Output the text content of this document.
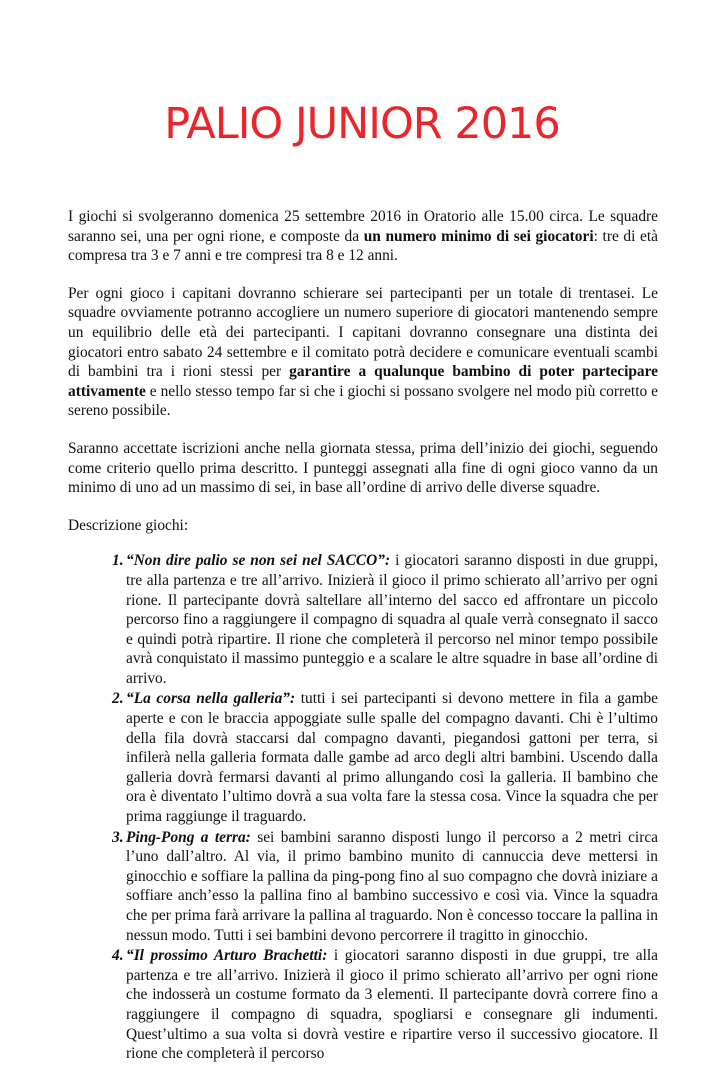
PALIO JUNIOR 2016

I giochi si svolgeranno domenica 25 settembre 2016 in Oratorio alle 15.00 circa. Le squadre saranno sei, una per ogni rione, e composte da un numero minimo di sei giocatori: tre di età compresa tra 3 e 7 anni e tre compresi tra 8 e 12 anni.

Per ogni gioco i capitani dovranno schierare sei partecipanti per un totale di trentasei. Le squadre ovviamente potranno accogliere un numero superiore di giocatori mantenendo sempre un equilibrio delle età dei partecipanti. I capitani dovranno consegnare una distinta dei giocatori entro sabato 24 settembre e il comitato potrà decidere e comunicare eventuali scambi di bambini tra i rioni stessi per garantire a qualunque bambino di poter partecipare attivamente e nello stesso tempo far si che i giochi si possano svolgere nel modo più corretto e sereno possibile.

Saranno accettate iscrizioni anche nella giornata stessa, prima dell’inizio dei giochi, seguendo come criterio quello prima descritto. I punteggi assegnati alla fine di ogni gioco vanno da un minimo di uno ad un massimo di sei, in base all’ordine di arrivo delle diverse squadre.

Descrizione giochi:

1. “Non dire palio se non sei nel SACCO”: i giocatori saranno disposti in due gruppi, tre alla partenza e tre all’arrivo. Inizierà il gioco il primo schierato all’arrivo per ogni rione. Il partecipante dovrà saltellare all’interno del sacco ed affrontare un piccolo percorso fino a raggiungere il compagno di squadra al quale verrà consegnato il sacco e quindi potrà ripartire. Il rione che completerà il percorso nel minor tempo possibile avrà conquistato il massimo punteggio e a scalare le altre squadre in base all’ordine di arrivo.
2. “La corsa nella galleria”: tutti i sei partecipanti si devono mettere in fila a gambe aperte e con le braccia appoggiate sulle spalle del compagno davanti. Chi è l’ultimo della fila dovrà staccarsi dal compagno davanti, piegandosi gattoni per terra, si infilerà nella galleria formata dalle gambe ad arco degli altri bambini. Uscendo dalla galleria dovrà fermarsi davanti al primo allungando così la galleria. Il bambino che ora è diventato l’ultimo dovrà a sua volta fare la stessa cosa. Vince la squadra che per prima raggiunge il traguardo.
3. Ping-Pong a terra: sei bambini saranno disposti lungo il percorso a 2 metri circa l’uno dall’altro. Al via, il primo bambino munito di cannuccia deve mettersi in ginocchio e soffiare la pallina da ping-pong fino al suo compagno che dovrà iniziare a soffiare anch’esso la pallina fino al bambino successivo e così via. Vince la squadra che per prima farà arrivare la pallina al traguardo. Non è concesso toccare la pallina in nessun modo. Tutti i sei bambini devono percorrere il tragitto in ginocchio.
4. “Il prossimo Arturo Brachetti: i giocatori saranno disposti in due gruppi, tre alla partenza e tre all’arrivo. Inizierà il gioco il primo schierato all’arrivo per ogni rione che indosserà un costume formato da 3 elementi. Il partecipante dovrà correre fino a raggiungere il compagno di squadra, spogliarsi e consegnare gli indumenti. Quest’ultimo a sua volta si dovrà vestire e ripartire verso il successivo giocatore. Il rione che completerà il percorso
